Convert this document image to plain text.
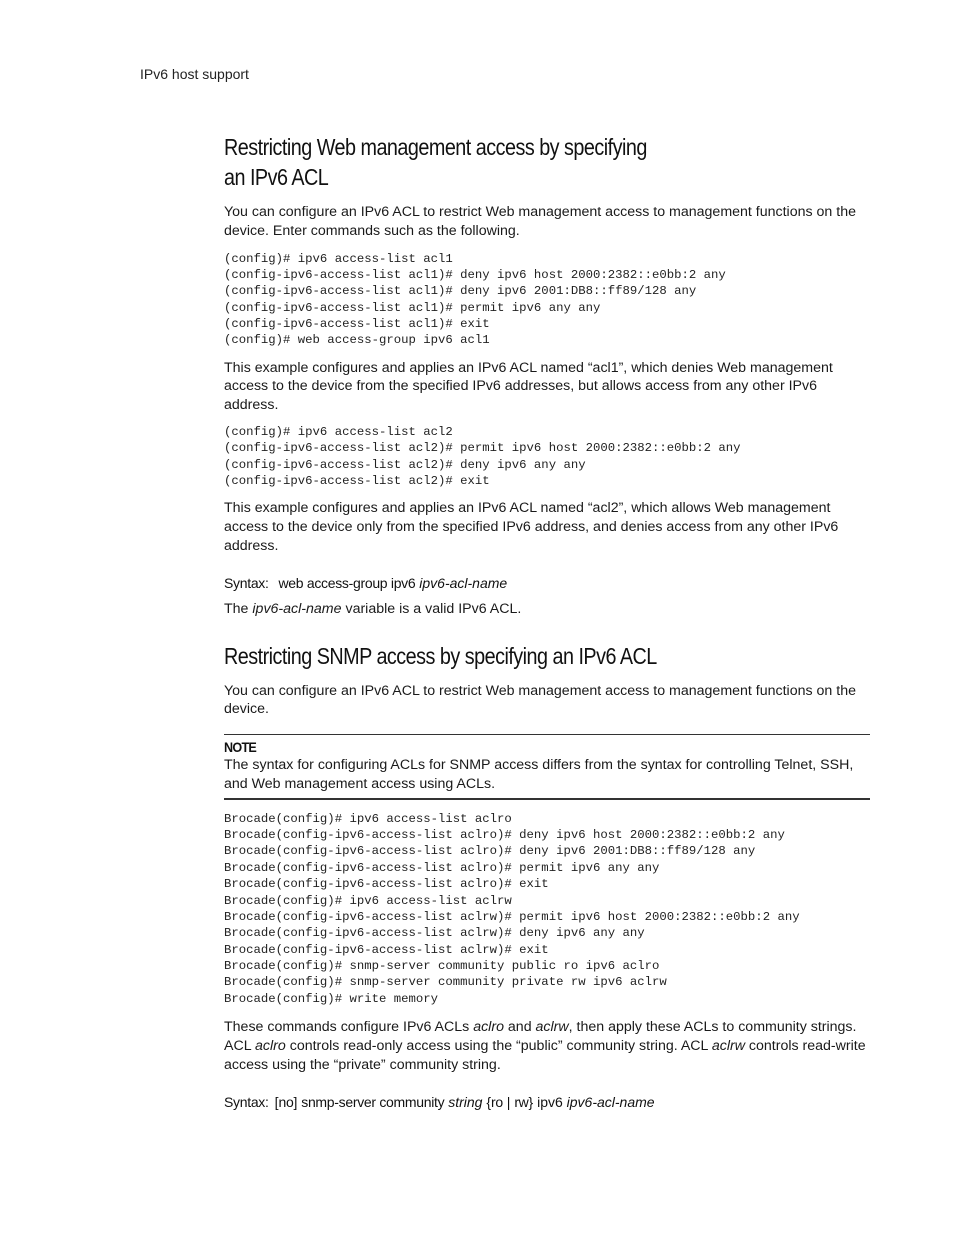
IPv6 host support
Restricting Web management access by specifying
an IPv6 ACL

You can configure an IPv6 ACL to restrict Web management access to management functions on the device. Enter commands such as the following.

(config)# ipv6 access-list acl1
(config-ipv6-access-list acl1)# deny ipv6 host 2000:2382::e0bb:2 any
(config-ipv6-access-list acl1)# deny ipv6 2001:DB8::ff89/128 any
(config-ipv6-access-list acl1)# permit ipv6 any any
(config-ipv6-access-list acl1)# exit
(config)# web access-group ipv6 acl1

This example configures and applies an IPv6 ACL named “acl1”, which denies Web management access to the device from the specified IPv6 addresses, but allows access from any other IPv6 address.

(config)# ipv6 access-list acl2
(config-ipv6-access-list acl2)# permit ipv6 host 2000:2382::e0bb:2 any
(config-ipv6-access-list acl2)# deny ipv6 any any
(config-ipv6-access-list acl2)# exit

This example configures and applies an IPv6 ACL named “acl2”, which allows Web management access to the device only from the specified IPv6 address, and denies access from any other IPv6 address.

Syntax: web access-group ipv6 ipv6-acl-name

The ipv6-acl-name variable is a valid IPv6 ACL.

Restricting SNMP access by specifying an IPv6 ACL

You can configure an IPv6 ACL to restrict Web management access to management functions on the device.

NOTE

The syntax for configuring ACLs for SNMP access differs from the syntax for controlling Telnet, SSH, and Web management access using ACLs.

Brocade(config)# ipv6 access-list aclro
Brocade(config-ipv6-access-list aclro)# deny ipv6 host 2000:2382::e0bb:2 any
Brocade(config-ipv6-access-list aclro)# deny ipv6 2001:DB8::ff89/128 any
Brocade(config-ipv6-access-list aclro)# permit ipv6 any any
Brocade(config-ipv6-access-list aclro)# exit
Brocade(config)# ipv6 access-list aclrw
Brocade(config-ipv6-access-list aclrw)# permit ipv6 host 2000:2382::e0bb:2 any
Brocade(config-ipv6-access-list aclrw)# deny ipv6 any any
Brocade(config-ipv6-access-list aclrw)# exit
Brocade(config)# snmp-server community public ro ipv6 aclro
Brocade(config)# snmp-server community private rw ipv6 aclrw
Brocade(config)# write memory

These commands configure IPv6 ACLs aclro and aclrw, then apply these ACLs to community strings. ACL aclro controls read-only access using the “public” community string. ACL aclrw controls read-write access using the “private” community string.

Syntax: [no] snmp-server community string {ro | rw} ipv6 ipv6-acl-name
